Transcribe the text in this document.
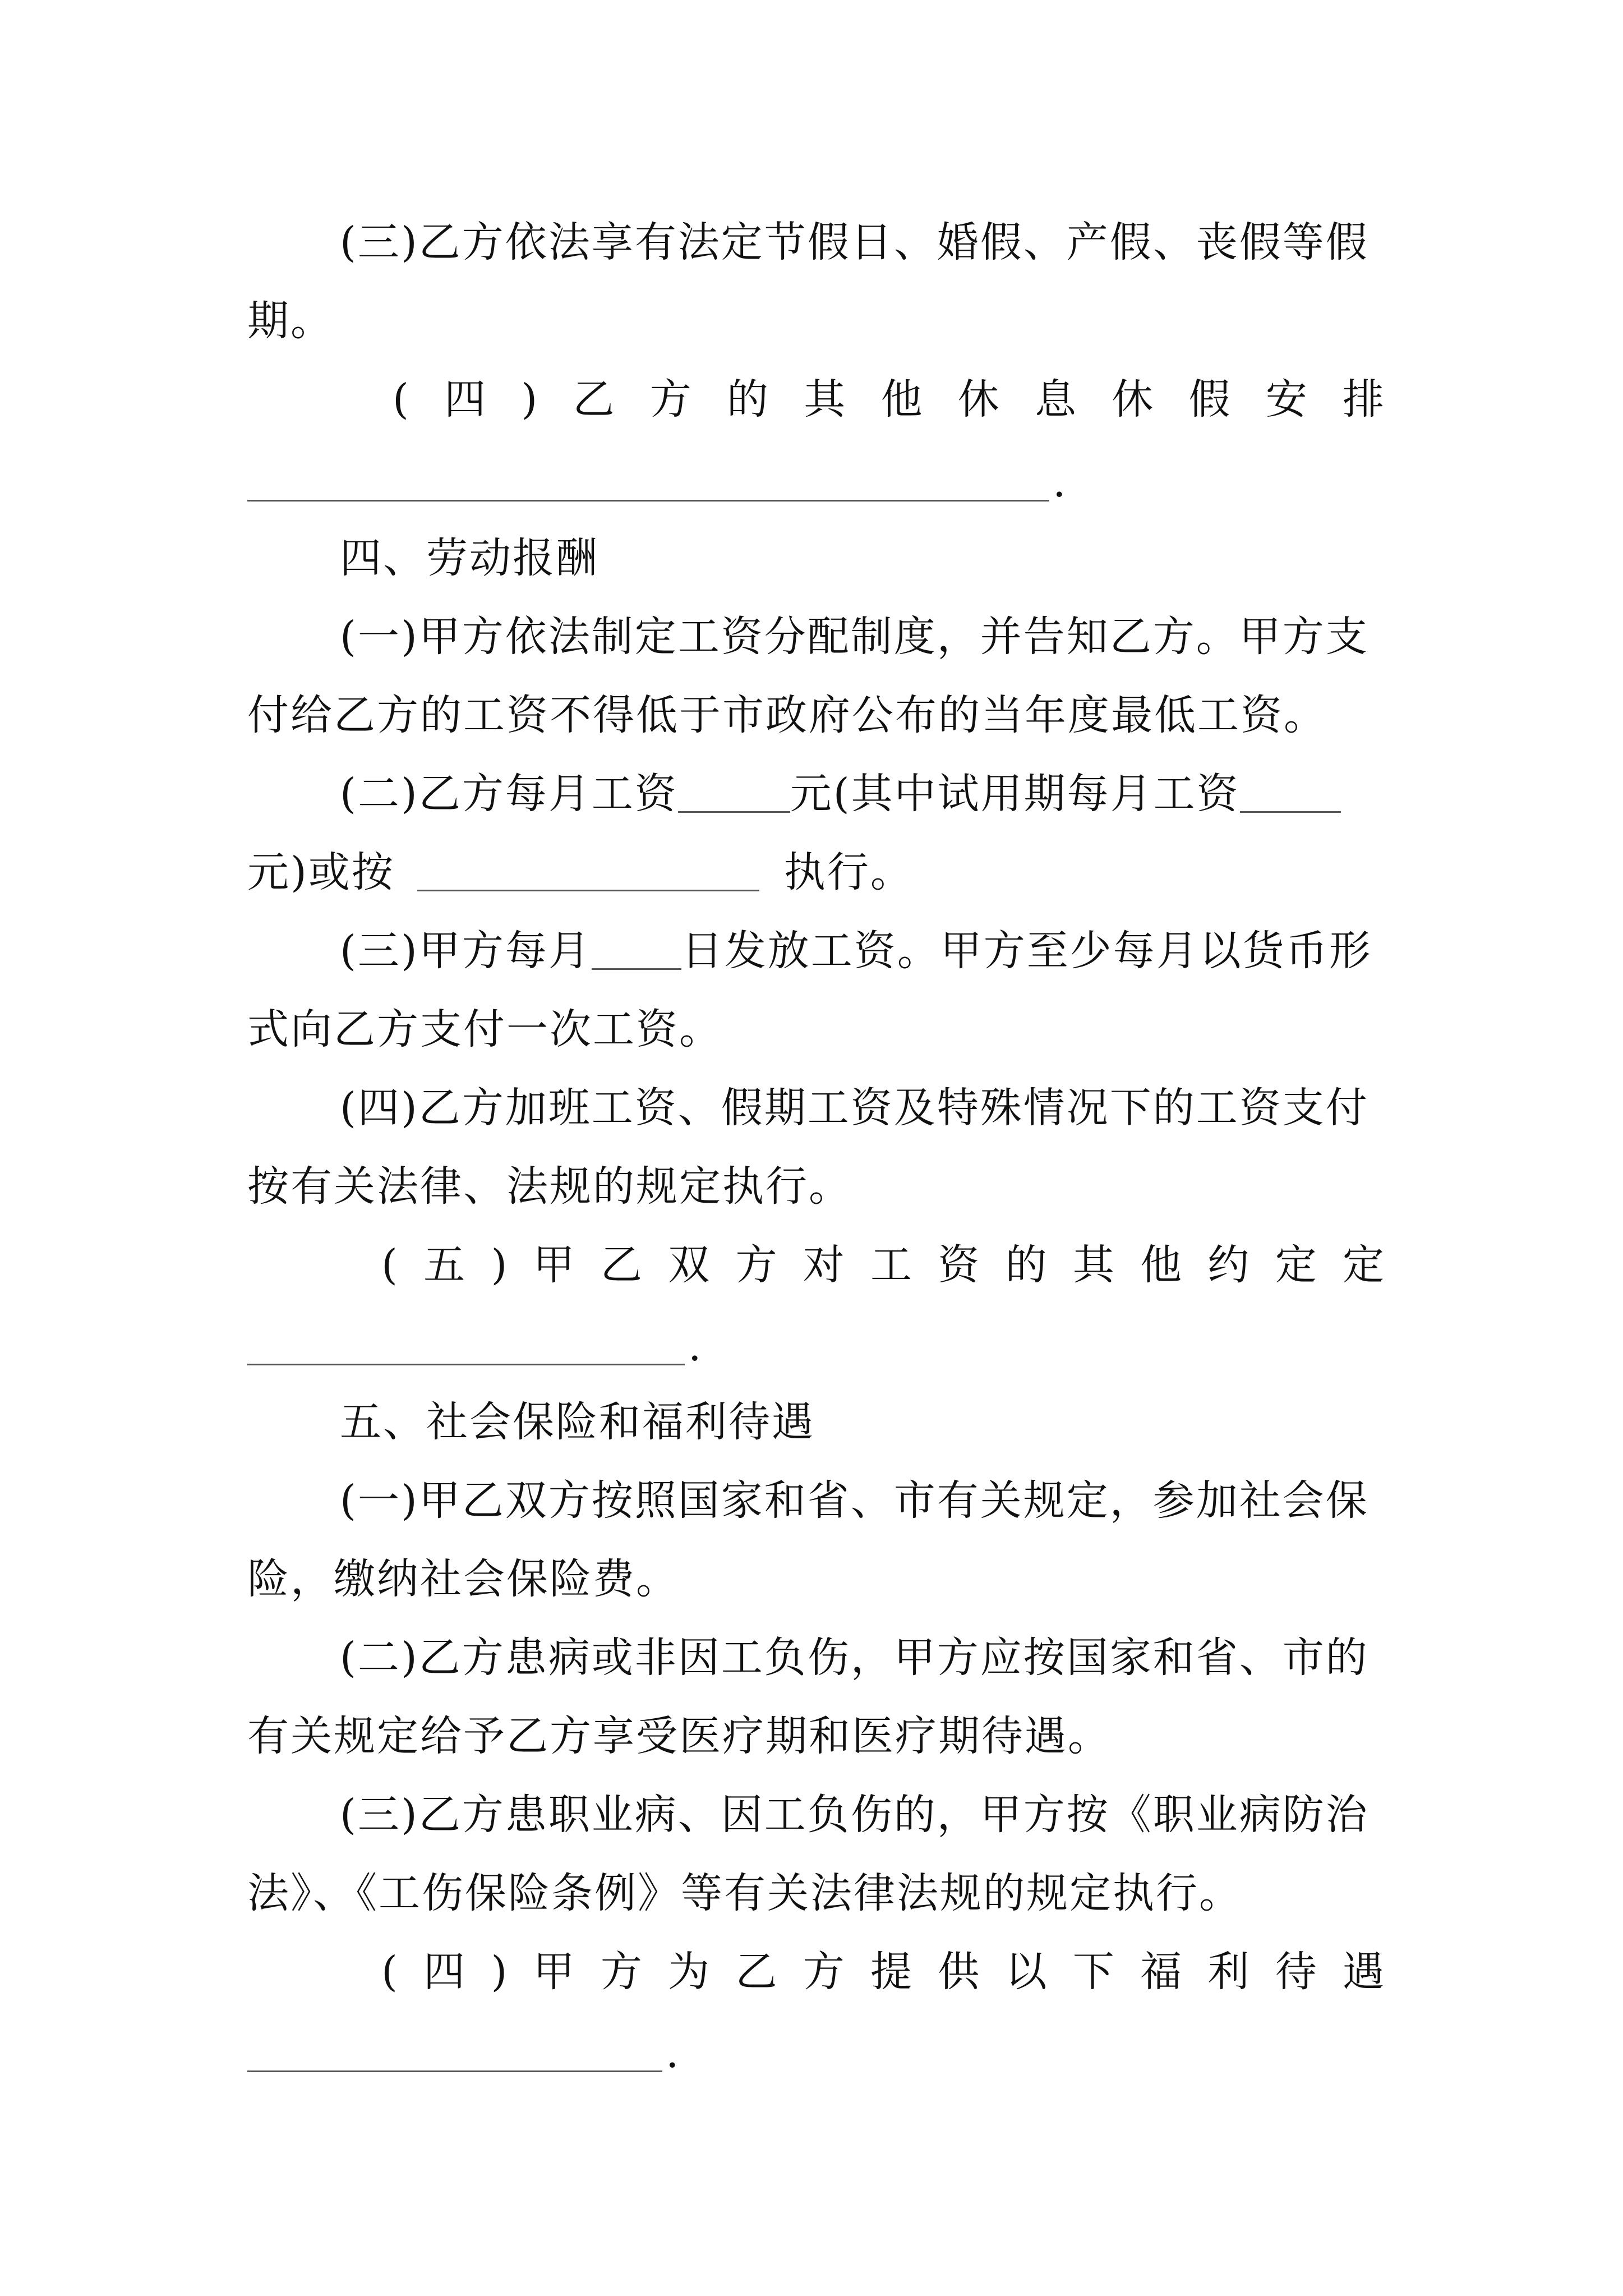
(三)乙方依法享有法定节假日、婚假、产假、丧假等假
期。
( 四 ) 乙 方 的 其 他 休 息 休 假 安 排
.
四、劳动报酬
(一)甲方依法制定工资分配制度，并告知乙方。甲方支
付给乙方的工资不得低于市政府公布的当年度最低工资。
(二)乙方每月工资	元(其中试用期每月工资
元)或按	执行。
(三)甲方每月 日发放工资。甲方至少每月以货币形
式向乙方支付一次工资。
(四)乙方加班工资、假期工资及特殊情况下的工资支付
按有关法律、法规的规定执行。
( 五 ) 甲 乙 双 方 对 工 资 的 其 他 约 定 定
.
五、社会保险和福利待遇
(一)甲乙双方按照国家和省、市有关规定，参加社会保
险，缴纳社会保险费。
(二)乙方患病或非因工负伤，甲方应按国家和省、市的
有关规定给予乙方享受医疗期和医疗期待遇。
(三)乙方患职业病、因工负伤的，甲方按《职业病防治
法》、《工伤保险条例》等有关法律法规的规定执行。
( 四 ) 甲 方 为 乙 方 提 供 以 下 福 利 待 遇
.
